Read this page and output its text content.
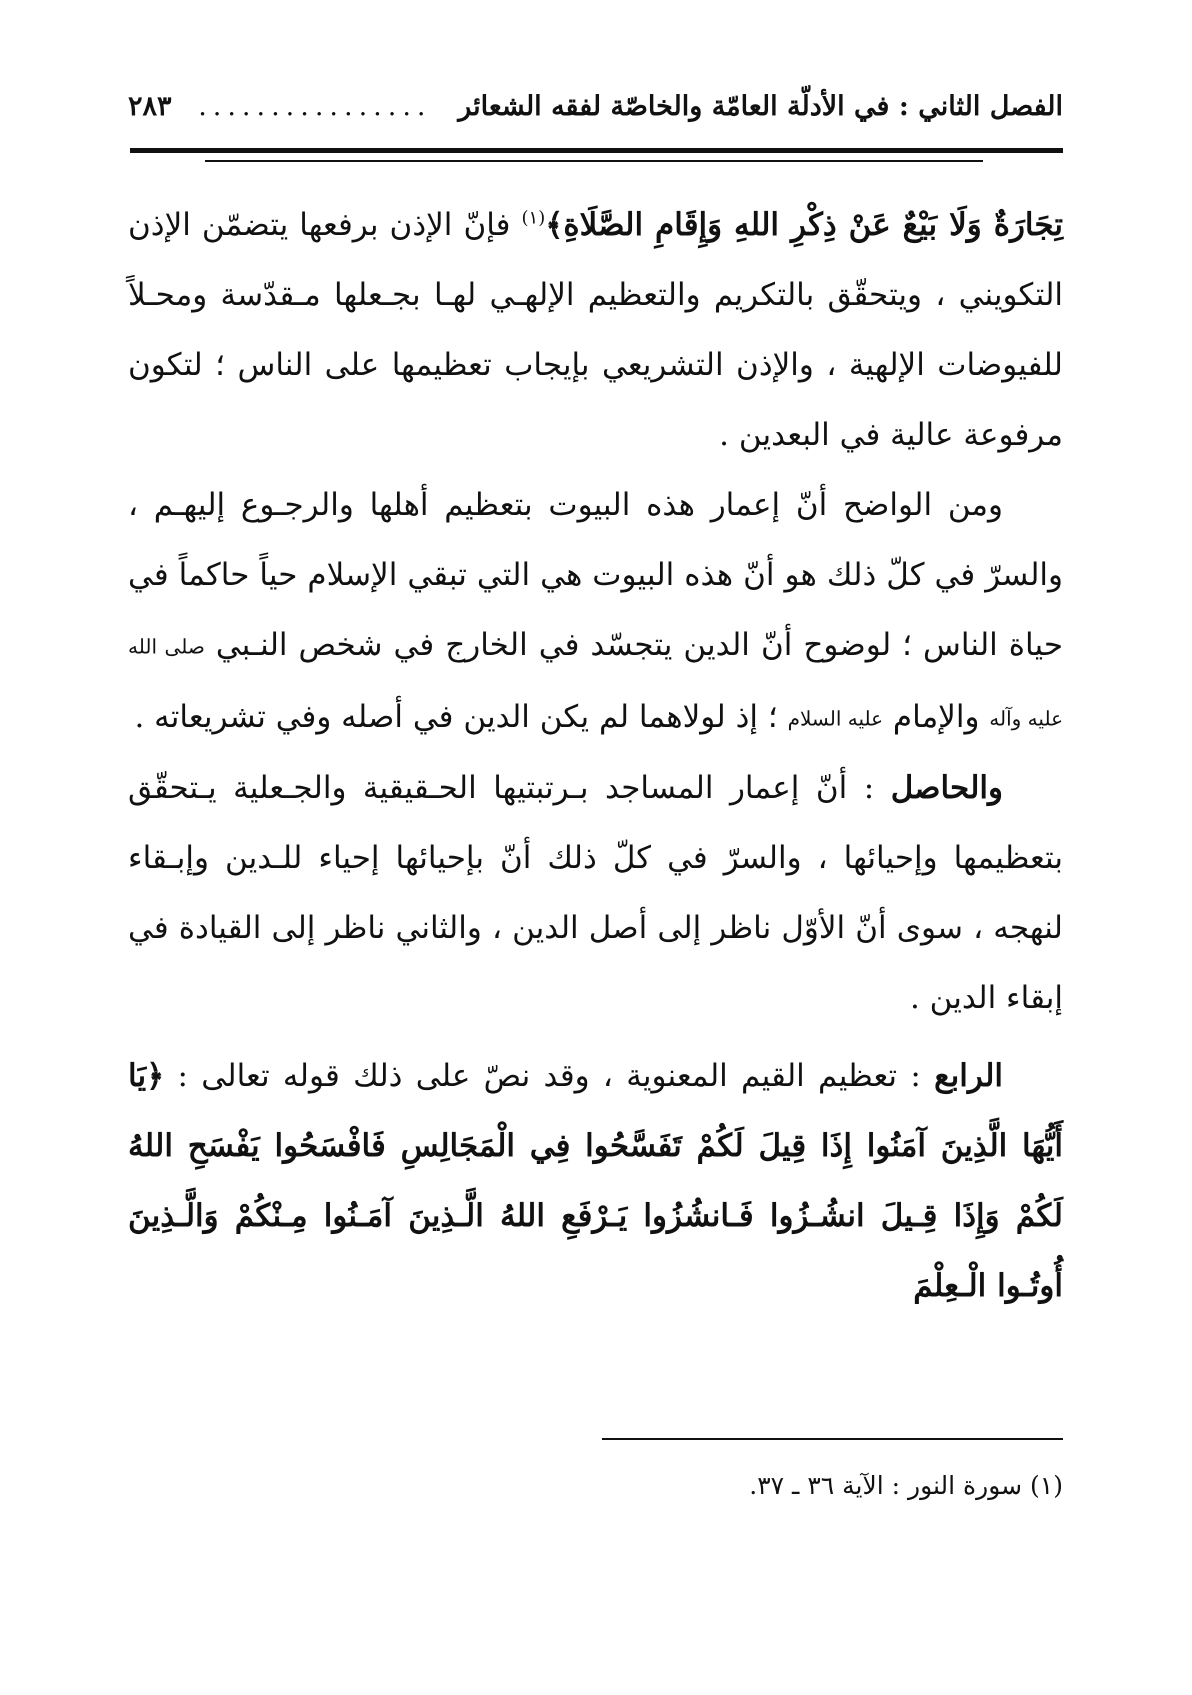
الفصل الثاني : في الأدلّة العامّة والخاصّة لفقه الشعائر
................
٢٨٣

تِجَارَةٌ وَلَا بَيْعٌ عَنْ ذِكْرِ اللهِ وَإِقَامِ الصَّلَاةِ﴾$^{(١)}$ فإنّ الإذن برفعها يتضمّن الإذن التكويني ، ويتحقّق بالتكريم والتعظيم الإلهـي لهـا بجـعلها مـقدّسة ومحـلاً للفيوضات الإلهية ، والإذن التشريعي بإيجاب تعظيمها على الناس ؛ لتكون مرفوعة عالية في البعدين .

ومن الواضح أنّ إعمار هذه البيوت بتعظيم أهلها والرجـوع إليهـم ، والسرّ في كلّ ذلك هو أنّ هذه البيوت هي التي تبقي الإسلام حياً حاكماً في حياة الناس ؛ لوضوح أنّ الدين يتجسّد في الخارج في شخص النـبي صلى الله عليه وآله والإمام عليه السلام ؛ إذ لولاهما لم يكن الدين في أصله وفي تشريعاته .

والحاصل : أنّ إعمار المساجد بـرتبتيها الحـقيقية والجـعلية يـتحقّق بتعظيمها وإحيائها ، والسرّ في كلّ ذلك أنّ بإحيائها إحياء للـدين وإبـقاء لنهجه ، سوى أنّ الأوّل ناظر إلى أصل الدين ، والثاني ناظر إلى القيادة في إبقاء الدين .

الرابع : تعظيم القيم المعنوية ، وقد نصّ على ذلك قوله تعالى : ﴿يَا أَيُّهَا الَّذِينَ آمَنُوا إِذَا قِيلَ لَكُمْ تَفَسَّحُوا فِي الْمَجَالِسِ فَافْسَحُوا يَفْسَحِ اللهُ لَكُمْ وَإِذَا قِـيلَ انشُـزُوا فَـانشُزُوا يَـرْفَعِ اللهُ الَّـذِينَ آمَـنُوا مِـنْكُمْ وَالَّـذِينَ أُوتُـوا الْـعِلْمَ

(١) سورة النور : الآية ٣٦ ـ ٣٧.
